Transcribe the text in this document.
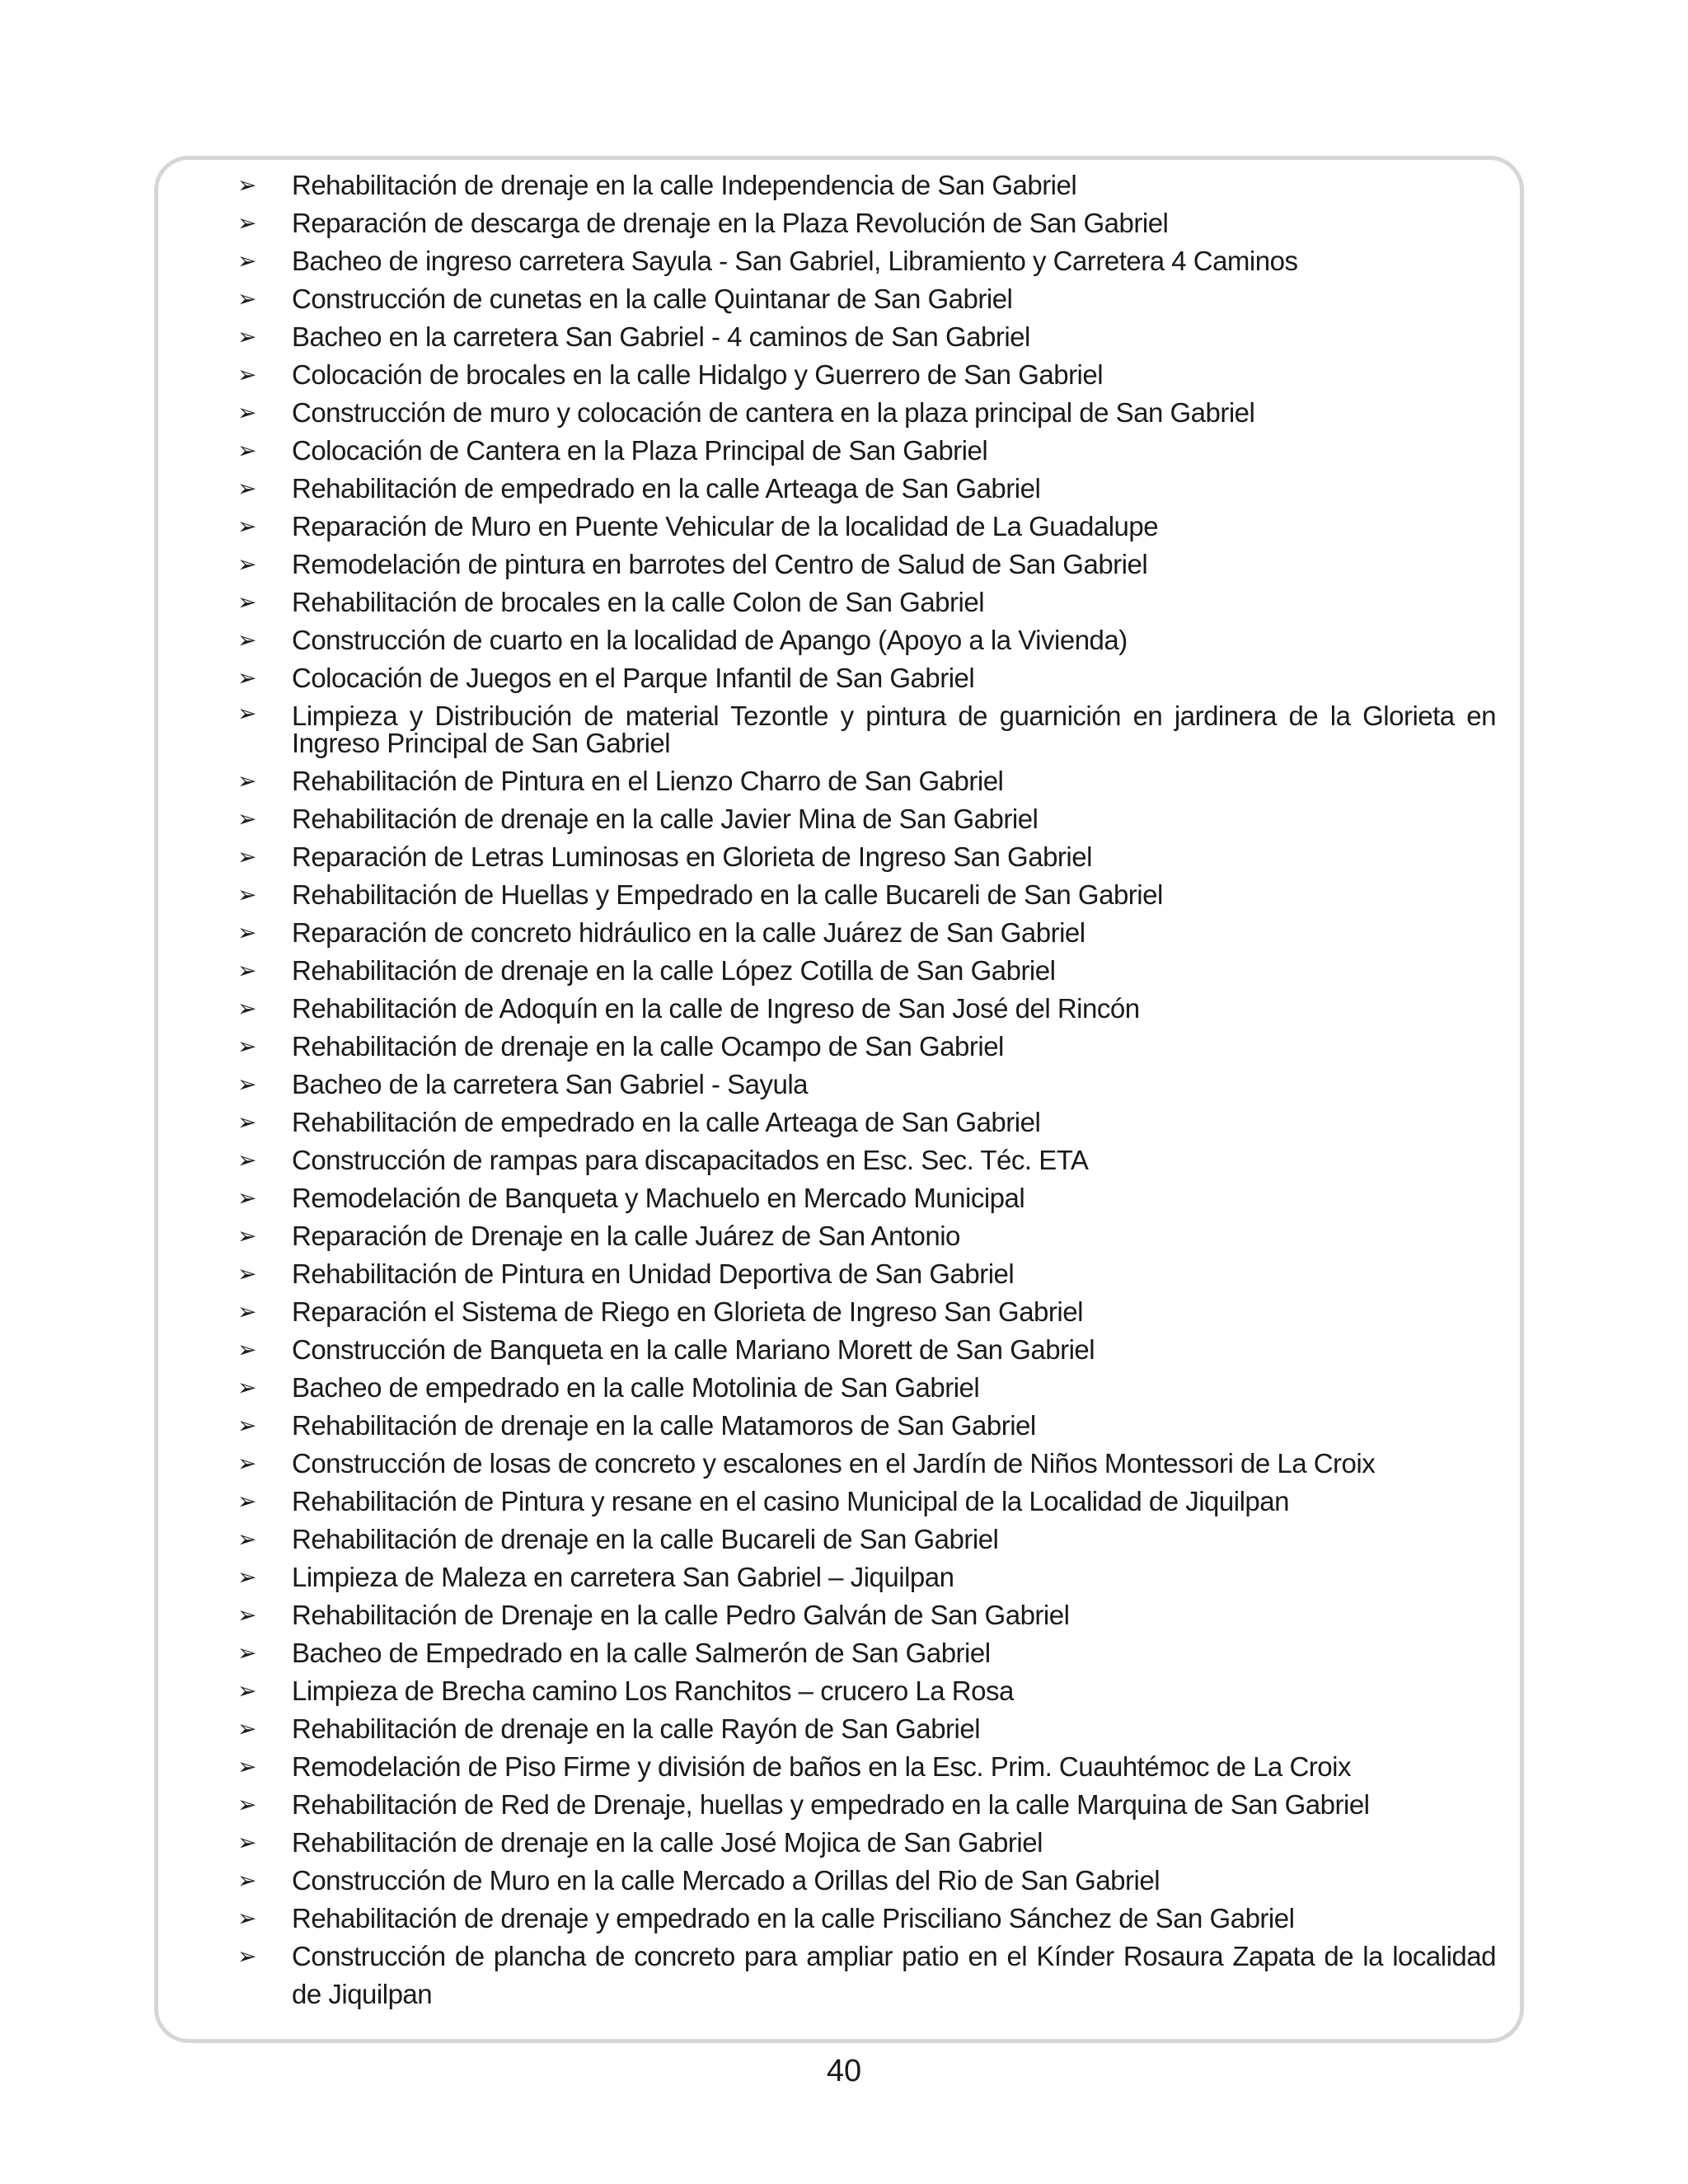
➢ Rehabilitación de drenaje en la calle Independencia de San Gabriel
➢ Reparación de descarga de drenaje en la Plaza Revolución de San Gabriel
➢ Bacheo de ingreso carretera Sayula - San Gabriel, Libramiento y Carretera 4 Caminos
➢ Construcción de cunetas en la calle Quintanar de San Gabriel
➢ Bacheo en la carretera San Gabriel - 4 caminos de San Gabriel
➢ Colocación de brocales en la calle Hidalgo y Guerrero de San Gabriel
➢ Construcción de muro y colocación de cantera en la plaza principal de San Gabriel
➢ Colocación de Cantera en la Plaza Principal de San Gabriel
➢ Rehabilitación de empedrado en la calle Arteaga de San Gabriel
➢ Reparación de Muro en Puente Vehicular de la localidad de La Guadalupe
➢ Remodelación de pintura en barrotes del Centro de Salud de San Gabriel
➢ Rehabilitación de brocales en la calle Colon de San Gabriel
➢ Construcción de cuarto en la localidad de Apango (Apoyo a la Vivienda)
➢ Colocación de Juegos en el Parque Infantil de San Gabriel
➢ Limpieza y Distribución de material Tezontle y pintura de guarnición en jardinera de la Glorieta en Ingreso Principal de San Gabriel
➢ Rehabilitación de Pintura en el Lienzo Charro de San Gabriel
➢ Rehabilitación de drenaje en la calle Javier Mina de San Gabriel
➢ Reparación de Letras Luminosas en Glorieta de Ingreso San Gabriel
➢ Rehabilitación de Huellas y Empedrado en la calle Bucareli de San Gabriel
➢ Reparación de concreto hidráulico en la calle Juárez de San Gabriel
➢ Rehabilitación de drenaje en la calle López Cotilla de San Gabriel
➢ Rehabilitación de Adoquín en la calle de Ingreso de San José del Rincón
➢ Rehabilitación de drenaje en la calle Ocampo de San Gabriel
➢ Bacheo de la carretera San Gabriel - Sayula
➢ Rehabilitación de empedrado en la calle Arteaga de San Gabriel
➢ Construcción de rampas para discapacitados en Esc. Sec. Téc. ETA
➢ Remodelación de Banqueta y Machuelo en Mercado Municipal
➢ Reparación de Drenaje en la calle Juárez de San Antonio
➢ Rehabilitación de Pintura en Unidad Deportiva de San Gabriel
➢ Reparación el Sistema de Riego en Glorieta de Ingreso San Gabriel
➢ Construcción de Banqueta en la calle Mariano Morett de San Gabriel
➢ Bacheo de empedrado en la calle Motolinia de San Gabriel
➢ Rehabilitación de drenaje en la calle Matamoros de San Gabriel
➢ Construcción de losas de concreto y escalones en el Jardín de Niños Montessori de La Croix
➢ Rehabilitación de Pintura y resane en el casino Municipal de la Localidad de Jiquilpan
➢ Rehabilitación de drenaje en la calle Bucareli de San Gabriel
➢ Limpieza de Maleza en carretera San Gabriel – Jiquilpan
➢ Rehabilitación de Drenaje en la calle Pedro Galván de San Gabriel
➢ Bacheo de Empedrado en la calle Salmerón de San Gabriel
➢ Limpieza de Brecha camino Los Ranchitos – crucero La Rosa
➢ Rehabilitación de drenaje en la calle Rayón de San Gabriel
➢ Remodelación de Piso Firme y división de baños en la Esc. Prim. Cuauhtémoc de La Croix
➢ Rehabilitación de Red de Drenaje, huellas y empedrado en la calle Marquina de San Gabriel
➢ Rehabilitación de drenaje en la calle José Mojica de San Gabriel
➢ Construcción de Muro en la calle Mercado a Orillas del Rio de San Gabriel
➢ Rehabilitación de drenaje y empedrado en la calle Prisciliano Sánchez de San Gabriel
➢ Construcción de plancha de concreto para ampliar patio en el Kínder Rosaura Zapata de la localidad de Jiquilpan
40
